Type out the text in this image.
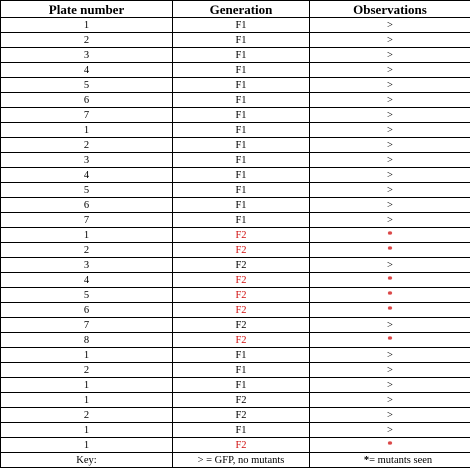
Plate number	Generation	Observations
1	F1	>
2	F1	>
3	F1	>
4	F1	>
5	F1	>
6	F1	>
7	F1	>
1	F1	>
2	F1	>
3	F1	>
4	F1	>
5	F1	>
6	F1	>
7	F1	>
1	F2	*
2	F2	*
3	F2	>
4	F2	*
5	F2	*
6	F2	*
7	F2	>
8	F2	*
1	F1	>
2	F1	>
1	F1	>
1	F2	>
2	F2	>
1	F1	>
1	F2	*
Key:	> = GFP, no mutants	*= mutants seen
